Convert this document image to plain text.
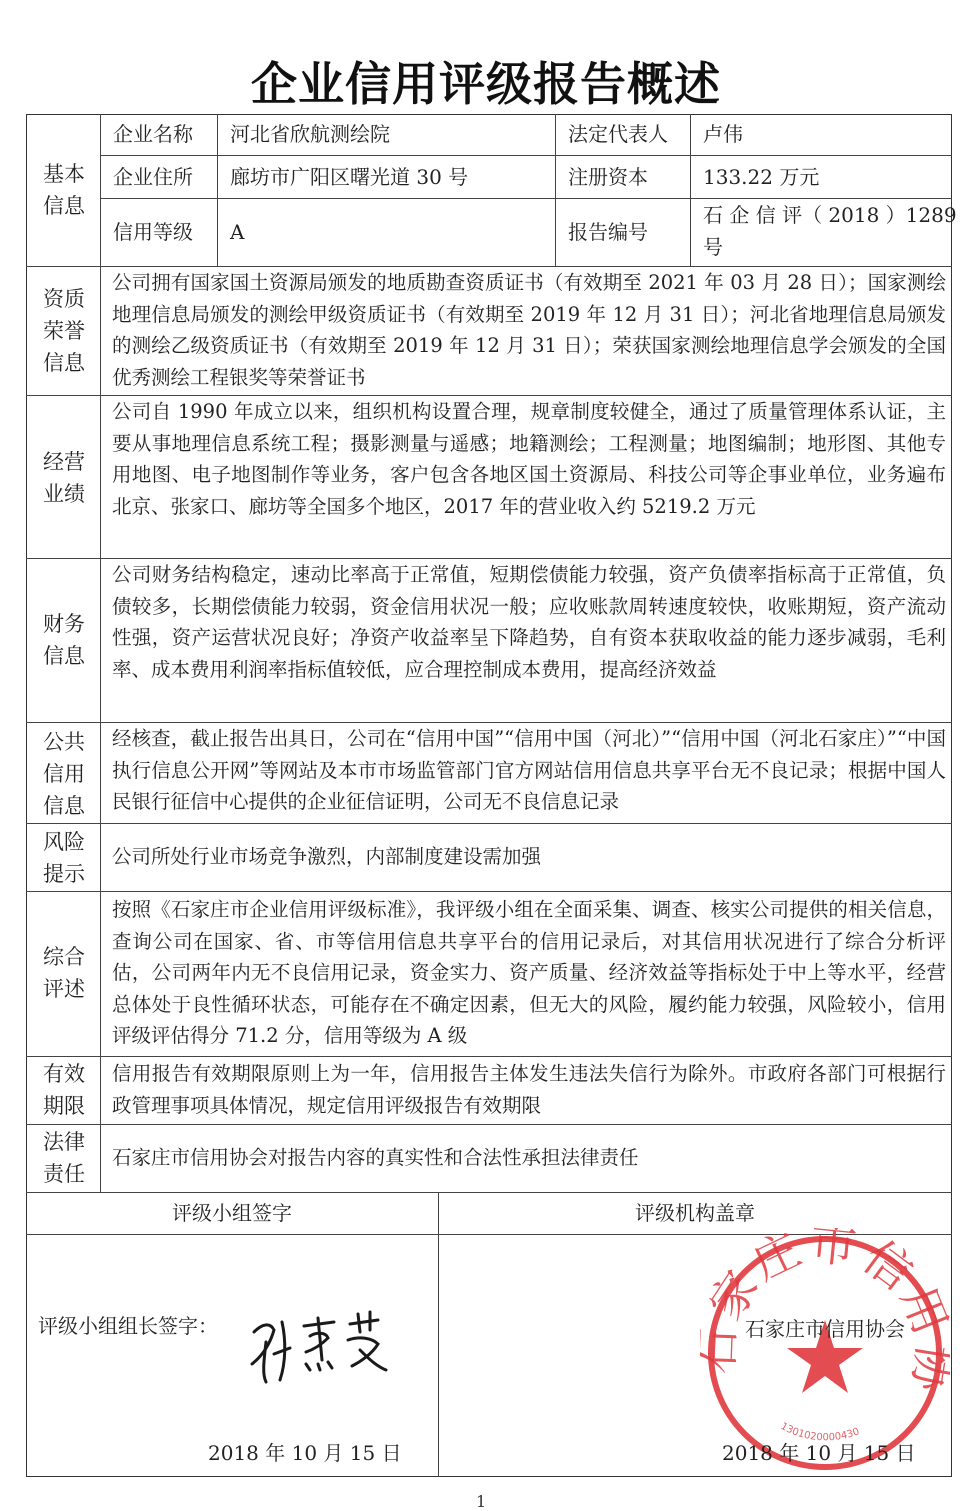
企业信用评级报告概述
基本
信息
企业名称 河北省欣航测绘院	法定代表人 卢伟
企业住所 廊坊市广阳区曙光道 30 号	注册资本	133.22 万元
信用等级 A	报告编号
石 企 信 评（ 2018 ）1289
号
资质
荣誉
信息
公司拥有国家国土资源局颁发的地质勘查资质证书（有效期至 2021 年 03 月 28 日）；国家测绘地理信息局颁发的测绘甲级资质证书（有效期至 2019 年 12 月 31 日）；河北省地理信息局颁发的测绘乙级资质证书（有效期至 2019 年 12 月 31 日）；荣获国家测绘地理信息学会颁发的全国优秀测绘工程银奖等荣誉证书
经营
业绩
公司自 1990 年成立以来，组织机构设置合理，规章制度较健全，通过了质量管理体系认证，主要从事地理信息系统工程；摄影测量与遥感；地籍测绘；工程测量；地图编制；地形图、其他专用地图、电子地图制作等业务，客户包含各地区国土资源局、科技公司等企事业单位，业务遍布北京、张家口、廊坊等全国多个地区，2017 年的营业收入约 5219.2 万元
财务
信息
公司财务结构稳定，速动比率高于正常值，短期偿债能力较强，资产负债率指标高于正常值，负债较多，长期偿债能力较弱，资金信用状况一般；应收账款周转速度较快，收账期短，资产流动性强，资产运营状况良好；净资产收益率呈下降趋势，自有资本获取收益的能力逐步减弱，毛利率、成本费用利润率指标值较低，应合理控制成本费用，提高经济效益
公共
信用
信息
经核查，截止报告出具日，公司在“信用中国”“信用中国（河北）”“信用中国（河北石家庄）”“中国执行信息公开网”等网站及本市市场监管部门官方网站信用信息共享平台无不良记录；根据中国人民银行征信中心提供的企业征信证明，公司无不良信息记录
风险
提示
公司所处行业市场竞争激烈，内部制度建设需加强
综合
评述
按照《石家庄市企业信用评级标准》，我评级小组在全面采集、调查、核实公司提供的相关信息，查询公司在国家、省、市等信用信息共享平台的信用记录后，对其信用状况进行了综合分析评估，公司两年内无不良信用记录，资金实力、资产质量、经济效益等指标处于中上等水平，经营总体处于良性循环状态，可能存在不确定因素，但无大的风险，履约能力较强，风险较小，信用评级评估得分 71.2 分，信用等级为 A 级
有效
期限
信用报告有效期限原则上为一年，信用报告主体发生违法失信行为除外。市政府各部门可根据行政管理事项具体情况，规定信用评级报告有效期限
法律
责任
石家庄市信用协会对报告内容的真实性和合法性承担法律责任
评级小组签字	评级机构盖章
评级小组组长签字：	家庄市信
1301020000430
石家庄市信用协会
2018 年 10 月 15 日	2018 年 10 月 15 日
1
